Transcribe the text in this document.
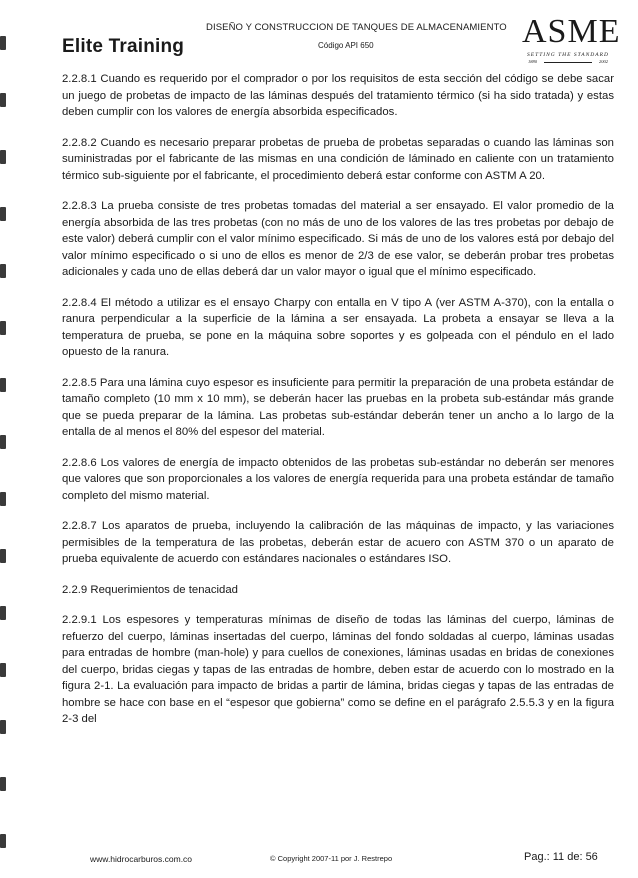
Elite Training
DISEÑO Y CONSTRUCCION DE TANQUES DE ALMACENAMIENTO
Código API 650	ASME
SETTING THE STANDARD
1880	2002

2.2.8.1 Cuando es requerido por el comprador o por los requisitos de esta sección del código se debe sacar un juego de probetas de impacto de las láminas después del tratamiento térmico (si ha sido tratada) y estas deben cumplir con los valores de energía absorbida especificados.

2.2.8.2 Cuando es necesario preparar probetas de prueba de probetas separadas o cuando las láminas son suministradas por el fabricante de las mismas en una condición de láminado en caliente con un tratamiento térmico sub-siguiente por el fabricante, el procedimiento deberá estar conforme con ASTM A 20.

2.2.8.3 La prueba consiste de tres probetas tomadas del material a ser ensayado. El valor promedio de la energía absorbida de las tres probetas (con no más de uno de los valores de las tres probetas por debajo de este valor) deberá cumplir con el valor mínimo especificado. Si más de uno de los valores está por debajo del valor mínimo especificado o si uno de ellos es menor de 2/3 de ese valor, se deberán probar tres probetas adicionales y cada uno de ellas deberá dar un valor mayor o igual que el mínimo especificado.

2.2.8.4 El método a utilizar es el ensayo Charpy con entalla en V tipo A (ver ASTM A-370), con la entalla o ranura perpendicular a la superficie de la lámina a ser ensayada. La probeta a ensayar se lleva a la temperatura de prueba, se pone en la máquina sobre soportes y es golpeada con el péndulo en el lado opuesto de la ranura.

2.2.8.5 Para una lámina cuyo espesor es insuficiente para permitir la preparación de una probeta estándar de tamaño completo (10 mm x 10 mm), se deberán hacer las pruebas en la probeta sub-estándar más grande que se pueda preparar de la lámina. Las probetas sub-estándar deberán tener un ancho a lo largo de la entalla de al menos el 80% del espesor del material.

2.2.8.6 Los valores de energía de impacto obtenidos de las probetas sub-estándar no deberán ser menores que valores que son proporcionales a los valores de energía requerida para una probeta estándar de tamaño completo del mismo material.

2.2.8.7 Los aparatos de prueba, incluyendo la calibración de las máquinas de impacto, y las variaciones permisibles de la temperatura de las probetas, deberán estar de acuero con ASTM 370 o un aparato de prueba equivalente de acuerdo con estándares nacionales o estándares ISO.

2.2.9 Requerimientos de tenacidad

2.2.9.1 Los espesores y temperaturas mínimas de diseño de todas las láminas del cuerpo, láminas de refuerzo del cuerpo, láminas insertadas del cuerpo, láminas del fondo soldadas al cuerpo, láminas usadas para entradas de hombre (man-hole) y para cuellos de conexiones, láminas usadas en bridas de conexiones del cuerpo, bridas ciegas y tapas de las entradas de hombre, deben estar de acuerdo con lo mostrado en la figura 2-1. La evaluación para impacto de bridas a partir de lámina, bridas ciegas y tapas de las entradas de hombre se hace con base en el “espesor que gobierna” como se define en el parágrafo 2.5.5.3 y en la figura 2-3 del

www.hidrocarburos.com.co	© Copyright 2007-11 por J. Restrepo	Pag.: 11 de: 56
